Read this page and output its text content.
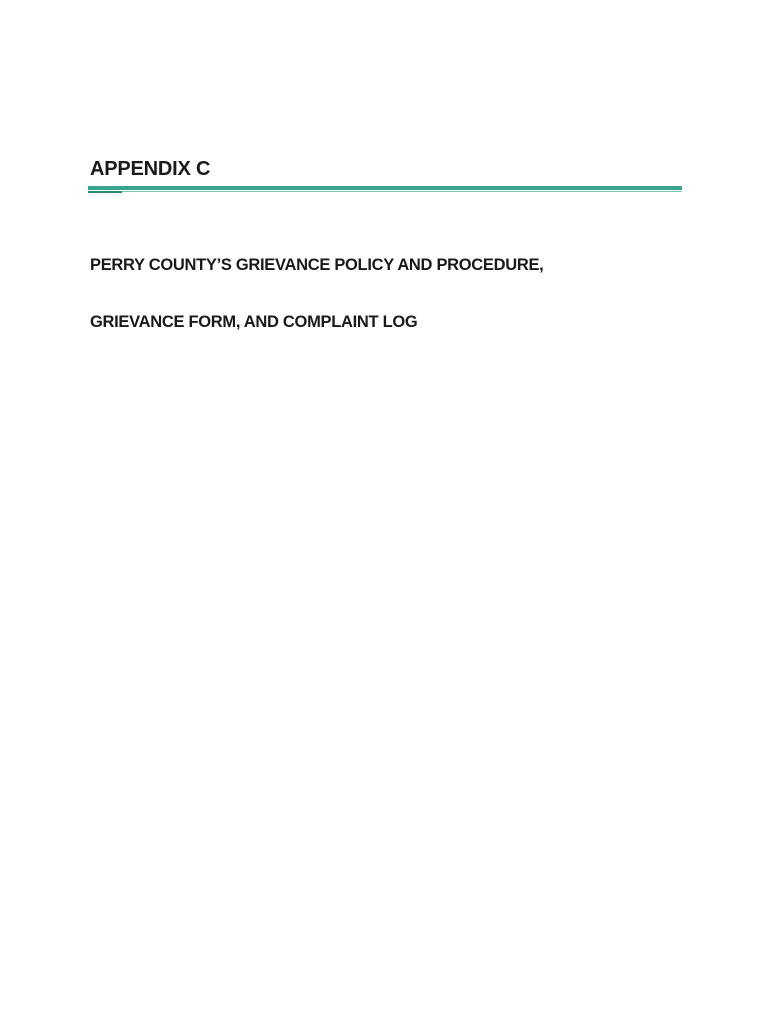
APPENDIX C
PERRY COUNTY’S GRIEVANCE POLICY AND PROCEDURE,
GRIEVANCE FORM, AND COMPLAINT LOG
